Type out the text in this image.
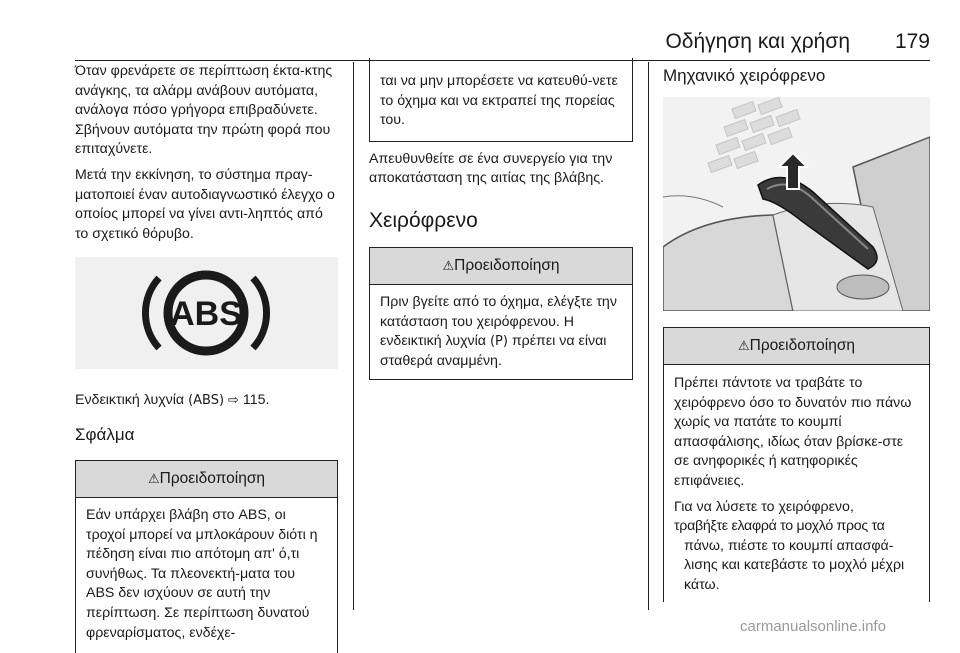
Οδήγηση και χρήση	179

Όταν φρενάρετε σε περίπτωση έκτα-κτης ανάγκης, τα αλάρμ ανάβουν αυτόματα, ανάλογα πόσο γρήγορα επιβραδύνετε. Σβήνουν αυτόματα την πρώτη φορά που επιταχύνετε.

Μετά την εκκίνηση, το σύστημα πραγ-ματοποιεί έναν αυτοδιαγνωστικό έλεγχο ο οποίος μπορεί να γίνει αντι-ληπτός από το σχετικό θόρυβο.

ABS

Ενδεικτική λυχνία (ABS) ⇨ 115.

Σφάλμα
⚠Προειδοποίηση

Εάν υπάρχει βλάβη στο ABS, οι τροχοί μπορεί να μπλοκάρουν διότι η πέδηση είναι πιο απότομη απ' ό,τι συνήθως. Τα πλεονεκτή-ματα του ABS δεν ισχύουν σε αυτή την περίπτωση. Σε περίπτωση δυνατού φρεναρίσματος, ενδέχε-

ται να μην μπορέσετε να κατευθύ-νετε το όχημα και να εκτραπεί της πορείας του.

Απευθυνθείτε σε ένα συνεργείο για την αποκατάσταση της αιτίας της βλάβης.

Χειρόφρενο
⚠Προειδοποίηση

Πριν βγείτε από το όχημα, ελέγξτε την κατάσταση του χειρόφρενου. Η ενδεικτική λυχνία (P) πρέπει να είναι σταθερά αναμμένη.

Μηχανικό χειρόφρενο
⚠Προειδοποίηση

Πρέπει πάντοτε να τραβάτε το χειρόφρενο όσο το δυνατόν πιο πάνω χωρίς να πατάτε το κουμπί απασφάλισης, ιδίως όταν βρίσκε-στε σε ανηφορικές ή κατηφορικές επιφάνειες.

Για να λύσετε το χειρόφρενο,
τραβήξτε ελαφρά το μοχλό προς τα
πάνω, πιέστε το κουμπί απασφά-λισης και κατεβάστε το μοχλό μέχρι κάτω.

carmanualsonline.info
